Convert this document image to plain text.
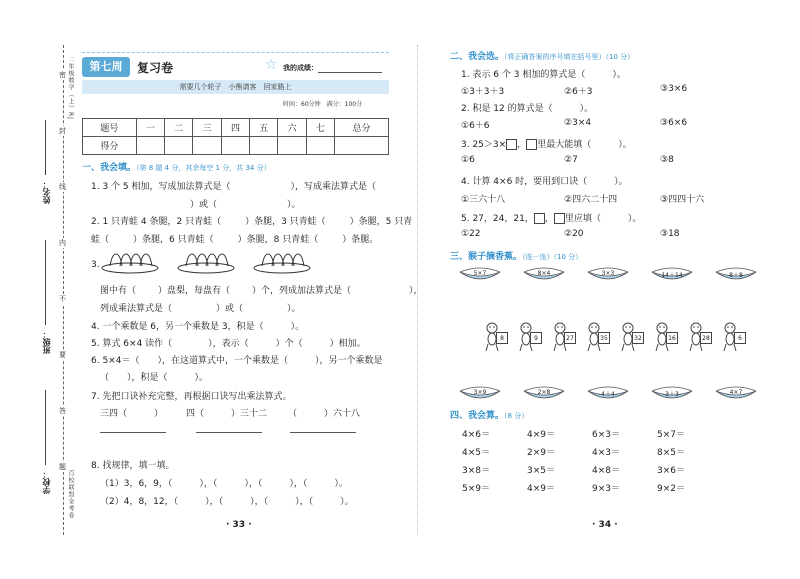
二年级数学（上）RJ
百校联盟金考卷
姓名：
班级：
学校：
密
封
线
内
不
要
答
题
第七周	复习卷	☆ 我的成绩：
需要几个轮子　小熊请客　回家路上
时间：60分钟　满分：100分
题号	一	二	三	四	五	六	七	总分
得分								
一、我会填。（第 8 题 4 分，其余每空 1 分，共 34 分）
1. 3 个 5 相加，写成加法算式是（	），写成乘法算式是（
）或（	）。
2. 1 只青蛙 4 条腿，2 只青蛙（	）条腿，3 只青蛙（	）条腿，5 只青
蛙（	）条腿，6 只青蛙（	）条腿，8 只青蛙（	）条腿。
3.
图中有（ ）盘梨，每盘有（ ）个，列成加法算式是（	），
列成乘法算式是（	）或（	）。
4. 一个乘数是 6，另一个乘数是 3，积是（　　　）。
5. 算式 6×4 读作（　　　　），表示（　　　）个（　　　）相加。
6. 5×4＝（　　），在这道算式中，一个乘数是（　　　），另一个乘数是
（　　），积是（　　　）。
7. 先把口诀补充完整，再根据口诀写出乘法算式。
三四（　　　）	四（　　　）三十二 （　　　）六十八
8. 找规律，填一填。
（1）3，6，9，（　　　），（　　　），（　　　），（　　　）。
（2）4，8，12，（　　　），（　　　），（　　　），（　　　）。
· 33 ·
二、我会选。（将正确答案的序号填在括号里）（10 分）
1. 表示 6 个 3 相加的算式是（　　　）。
①3＋3＋3	②6＋3	③3×6
2. 积是 12 的算式是（　　　）。
①6＋6	②3×4	③6×6
3. 25＞3× ， 里最大能填（　　　）。
①6	②7	③8
4. 计算 4×6 时，要用到口诀（　　　）。
①三六十八	②四六二十四	③四四十六
5. 27，24，21， ， 里应填（　　　）。
①22	②20	③18
三、猴子摘香蕉。（连一连）（10 分）
5×7	8×4	3×3	14＋14	8＋8
8	9	27	35	32	16	28	6
3×9	2×8	4＋4	3＋3	4×7
四、我会算。（8 分）
4×6＝	4×9＝	6×3＝	5×7＝
4×5＝	2×9＝	4×3＝	8×5＝
3×8＝	3×5＝	4×8＝	3×6＝
5×9＝	4×9＝	9×3＝	9×2＝
· 34 ·
